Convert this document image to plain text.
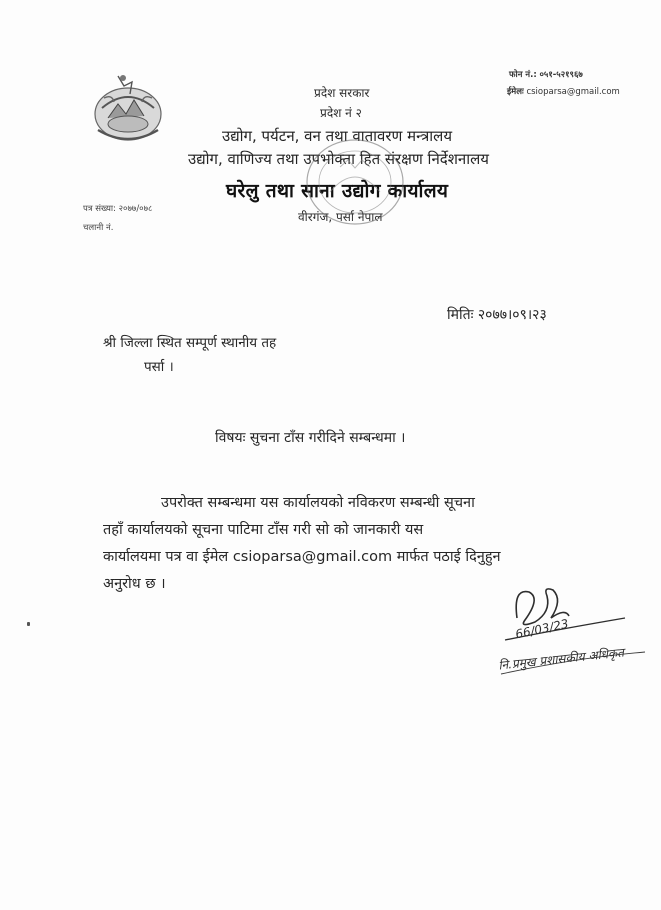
फोन नं.: ०५१-५२१९६७
ईमेलः csioparsa@gmail.com
प्रदेश सरकार
प्रदेश नं २
उद्योग, पर्यटन, वन तथा वातावरण मन्त्रालय
उद्योग, वाणिज्य तथा उपभोक्ता हित संरक्षण निर्देशनालय
घरेलु तथा साना उद्योग कार्यालय
वीरगंज, पर्सा नेपाल
पत्र संख्या: २०७७/०७८
चलानी नं.
मितिः २०७७।०९।२३
श्री जिल्ला स्थित सम्पूर्ण स्थानीय तह
पर्सा ।
विषयः सुचना टाँस गरीदिने सम्बन्धमा ।
उपरोक्त सम्बन्धमा यस कार्यालयको नविकरण सम्बन्धी सूचना
तहाँ कार्यालयको सूचना पाटिमा टाँस गरी सो को जानकारी यस
कार्यालयमा पत्र वा ईमेल csioparsa@gmail.com मार्फत पठाई दिनुहुन
अनुरोध छ ।
66/03/23
नि.प्रमुख प्रशासकीय अधिकृत
